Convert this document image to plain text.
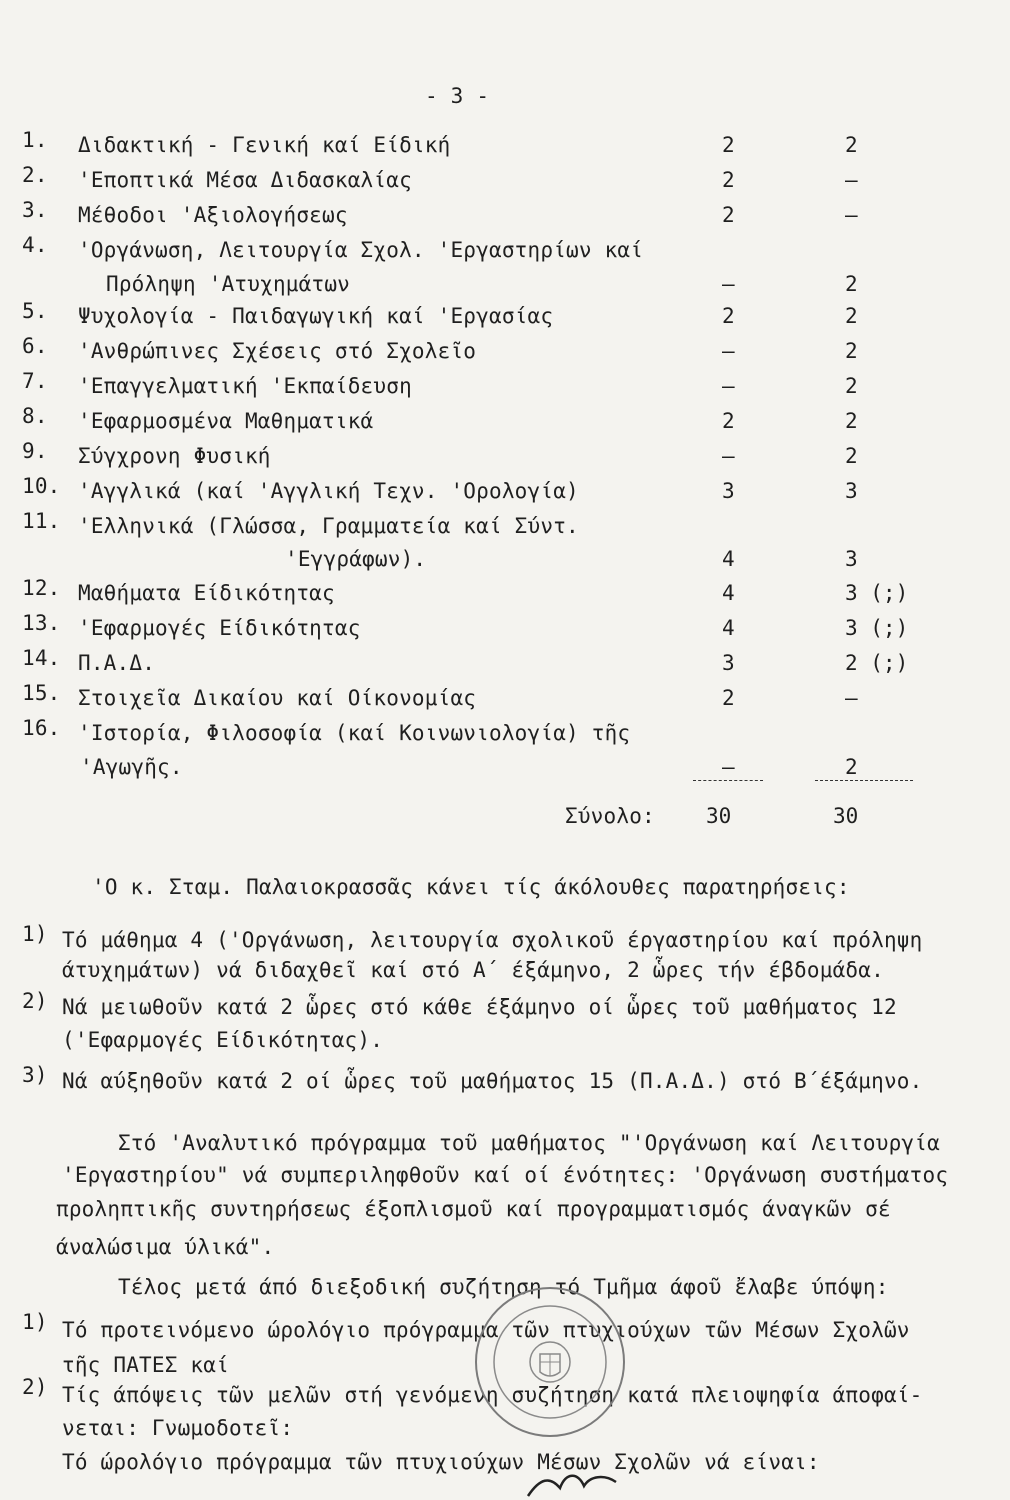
- 3 -
1. Διδακτική - Γενική καί Είδική	2	2
2. 'Εποπτικά Μέσα Διδασκαλίας	2	–
3. Μέθοδοι 'Αξιολογήσεως	2	–
4. 'Οργάνωση, Λειτουργία Σχολ. 'Εργαστηρίων καί
Πρόληψη 'Ατυχημάτων	–	2
5. Ψυχολογία - Παιδαγωγική καί 'Εργασίας	2	2
6. 'Ανθρώπινες Σχέσεις στό Σχολεῖο	–	2
7. 'Επαγγελματική 'Εκπαίδευση	–	2
8. 'Εφαρμοσμένα Μαθηματικά	2	2
9. Σύγχρονη Φυσική	–	2
10. 'Αγγλικά (καί 'Αγγλική Τεχν. 'Ορολογία)	3	3
11. 'Ελληνικά (Γλώσσα, Γραμματεία καί Σύντ.
'Εγγράφων).	4	3
12. Μαθήματα Είδικότητας	4	3 (;)
13. 'Εφαρμογές Είδικότητας	4	3 (;)
14. Π.Α.Δ.	3	2 (;)
15. Στοιχεῖα Δικαίου καί Οίκονομίας	2	–
16. 'Ιστορία, Φιλοσοφία (καί Κοινωνιολογία) τῆς
'Αγωγῆς.	–	2
Σύνολο: 30	30
'Ο κ. Σταμ. Παλαιοκρασσᾶς κάνει τίς άκόλουθες παρατηρήσεις:
1) Τό μάθημα 4 ('Οργάνωση, λειτουργία σχολικοῦ έργαστηρίου καί πρόληψη
άτυχημάτων) νά διδαχθεῖ καί στό Α΄ έξάμηνο, 2 ὧρες τήν έβδομάδα.
2) Νά μειωθοῦν κατά 2 ὧρες στό κάθε έξάμηνο οί ὧρες τοῦ μαθήματος 12
('Εφαρμογές Είδικότητας).
3) Νά αύξηθοῦν κατά 2 οί ὧρες τοῦ μαθήματος 15 (Π.Α.Δ.) στό Β΄έξάμηνο.
Στό 'Αναλυτικό πρόγραμμα τοῦ μαθήματος "'Οργάνωση καί Λειτουργία
'Εργαστηρίου" νά συμπεριληφθοῦν καί οί ένότητες: 'Οργάνωση συστήματος
προληπτικῆς συντηρήσεως έξοπλισμοῦ καί προγραμματισμός άναγκῶν σέ
άναλώσιμα ύλικά".
Τέλος μετά άπό διεξοδική συζήτηση τό Τμῆμα άφοῦ ἔλαβε ύπόψη:
1) Τό προτεινόμενο ώρολόγιο πρόγραμμα τῶν πτυχιούχων τῶν Μέσων Σχολῶν
τῆς ΠΑΤΕΣ καί
2) Τίς άπόψεις τῶν μελῶν στή γενόμενη συζήτηση κατά πλειοψηφία άποφαί-
νεται: Γνωμοδοτεῖ:
Τό ώρολόγιο πρόγραμμα τῶν πτυχιούχων Μέσων Σχολῶν νά είναι:
